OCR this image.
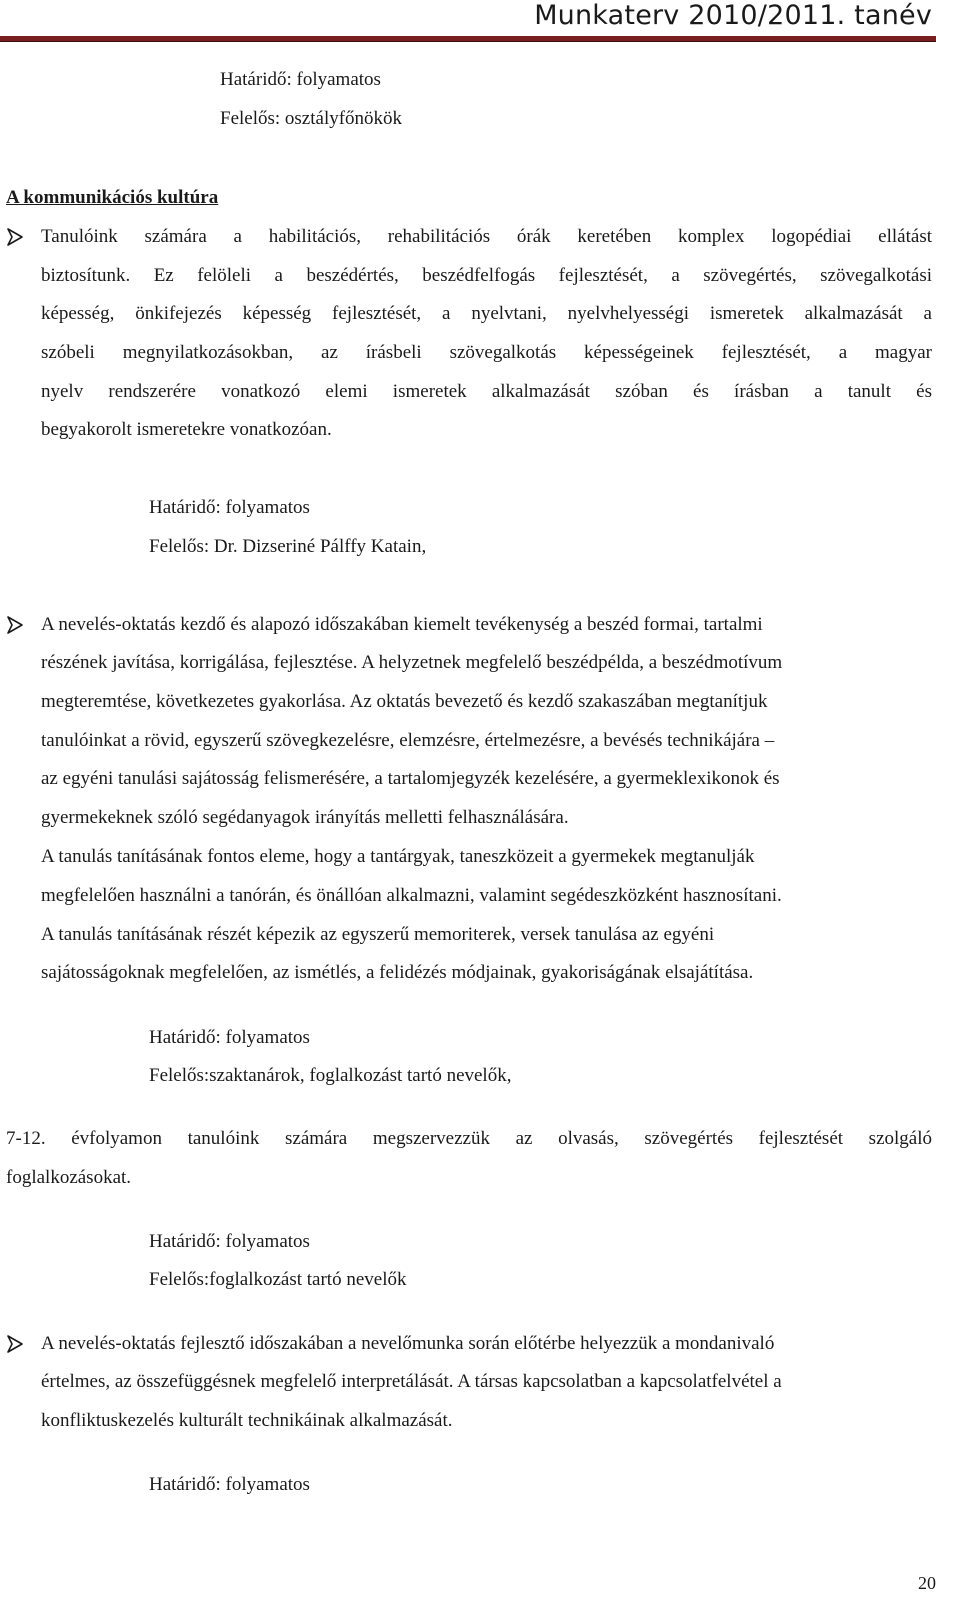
Munkaterv 2010/2011. tanév
Határidő: folyamatos
Felelős: osztályfőnökök
A kommunikációs kultúra
Tanulóink számára a habilitációs, rehabilitációs órák keretében komplex logopédiai ellátást
biztosítunk. Ez felöleli a beszédértés, beszédfelfogás fejlesztését, a szövegértés, szövegalkotási
képesség, önkifejezés képesség fejlesztését, a nyelvtani, nyelvhelyességi ismeretek alkalmazását a
szóbeli megnyilatkozásokban, az írásbeli szövegalkotás képességeinek fejlesztését, a magyar
nyelv rendszerére vonatkozó elemi ismeretek alkalmazását szóban és írásban a tanult és
begyakorolt ismeretekre vonatkozóan.
Határidő: folyamatos
Felelős: Dr. Dizseriné Pálffy Katain,
A nevelés-oktatás kezdő és alapozó időszakában kiemelt tevékenység a beszéd formai, tartalmi
részének javítása, korrigálása, fejlesztése. A helyzetnek megfelelő beszédpélda, a beszédmotívum
megteremtése, következetes gyakorlása. Az oktatás bevezető és kezdő szakaszában megtanítjuk
tanulóinkat a rövid, egyszerű szövegkezelésre, elemzésre, értelmezésre, a bevésés technikájára –
az egyéni tanulási sajátosság felismerésére, a tartalomjegyzék kezelésére, a gyermeklexikonok és
gyermekeknek szóló segédanyagok irányítás melletti felhasználására.
A tanulás tanításának fontos eleme, hogy a tantárgyak, taneszközeit a gyermekek megtanulják
megfelelően használni a tanórán, és önállóan alkalmazni, valamint segédeszközként hasznosítani.
A tanulás tanításának részét képezik az egyszerű memoriterek, versek tanulása az egyéni
sajátosságoknak megfelelően, az ismétlés, a felidézés módjainak, gyakoriságának elsajátítása.
Határidő: folyamatos
Felelős:szaktanárok, foglalkozást tartó nevelők,
7-12. évfolyamon tanulóink számára megszervezzük az olvasás, szövegértés fejlesztését szolgáló
foglalkozásokat.
Határidő: folyamatos
Felelős:foglalkozást tartó nevelők
A nevelés-oktatás fejlesztő időszakában a nevelőmunka során előtérbe helyezzük a mondanivaló
értelmes, az összefüggésnek megfelelő interpretálását. A társas kapcsolatban a kapcsolatfelvétel a
konfliktuskezelés kulturált technikáinak alkalmazását.
Határidő: folyamatos
20
